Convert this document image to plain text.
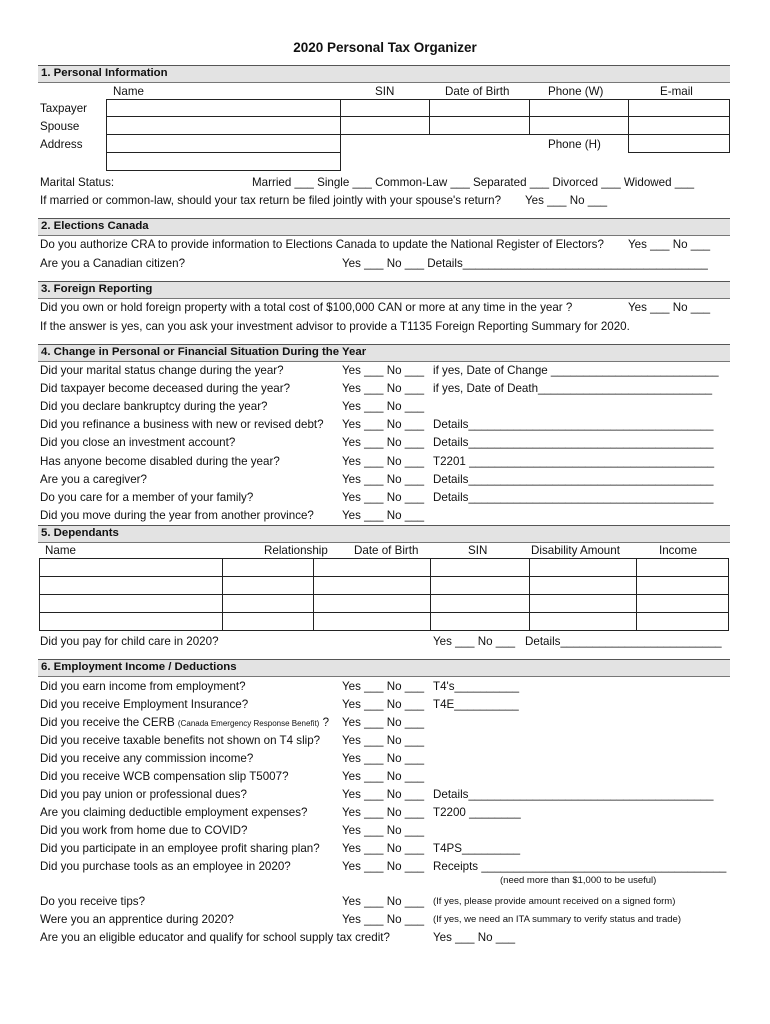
2020 Personal Tax Organizer
1. Personal Information
Name	SIN	Date of Birth	Phone (W)	E-mail
Taxpayer
Spouse
Address	Phone (H)
Marital Status:	Married ___ Single ___ Common-Law ___ Separated ___ Divorced ___ Widowed ___
If married or common-law, should your tax return be filed jointly with your spouse's return? Yes ___ No ___
2. Elections Canada
Do you authorize CRA to provide information to Elections Canada to update the National Register of Electors? Yes ___ No ___
Are you a Canadian citizen?	Yes ___ No ___ Details______________________________________
3. Foreign Reporting
Did you own or hold foreign property with a total cost of $100,000 CAN or more at any time in the year ?	Yes ___ No ___
If the answer is yes, can you ask your investment advisor to provide a T1135 Foreign Reporting Summary for 2020.
4. Change in Personal or Financial Situation During the Year
Did your marital status change during the year?	Yes ___ No ___ if yes, Date of Change __________________________
Did taxpayer become deceased during the year?	Yes ___ No ___ if yes, Date of Death___________________________
Did you declare bankruptcy during the year?	Yes ___ No ___
Did you refinance a business with new or revised debt? Yes ___ No ___ Details______________________________________
Did you close an investment account?	Yes ___ No ___ Details______________________________________
Has anyone become disabled during the year?	Yes ___ No ___ T2201 ______________________________________
Are you a caregiver?	Yes ___ No ___ Details______________________________________
Do you care for a member of your family?	Yes ___ No ___ Details______________________________________
Did you move during the year from another province? Yes ___ No ___
5. Dependants
Name	Relationship Date of Birth	SIN	Disability Amount	Income

Did you pay for child care in 2020?	Yes ___ No ___ Details_________________________
6. Employment Income / Deductions
Did you earn income from employment?	Yes ___ No ___ T4's__________
Did you receive Employment Insurance?	Yes ___ No ___ T4E__________
Did you receive the CERB (Canada Emergency Response Benefit) ? Yes ___ No ___
Did you receive taxable benefits not shown on T4 slip? Yes ___ No ___
Did you receive any commission income?	Yes ___ No ___
Did you receive WCB compensation slip T5007?	Yes ___ No ___
Did you pay union or professional dues?	Yes ___ No ___ Details______________________________________
Are you claiming deductible employment expenses?	Yes ___ No ___ T2200 ________
Did you work from home due to COVID?	Yes ___ No ___
Did you participate in an employee profit sharing plan? Yes ___ No ___ T4PS_________
Did you purchase tools as an employee in 2020?	Yes ___ No ___ Receipts ______________________________________
(need more than $1,000 to be useful)
Do you receive tips?	Yes ___ No ___ (If yes, please provide amount received on a signed form)
Were you an apprentice during 2020?	Yes ___ No ___ (If yes, we need an ITA summary to verify status and trade)
Are you an eligible educator and qualify for school supply tax credit?	Yes ___ No ___
